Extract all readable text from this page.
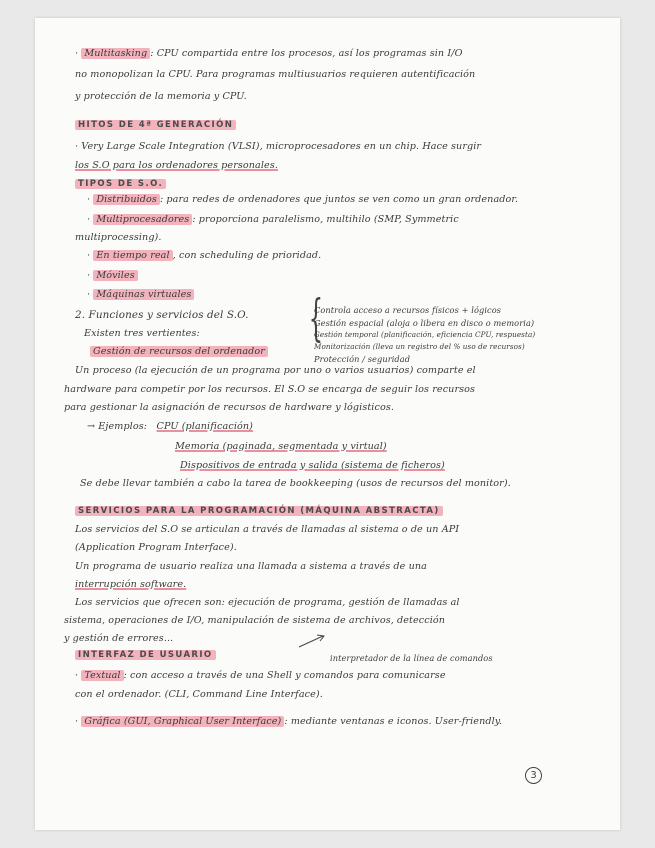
· Multitasking : CPU compartida entre los procesos, así los programas sin I/O
no monopolizan la CPU. Para programas multiusuarios requieren autentificación
y protección de la memoria y CPU.
HITOS DE 4ª GENERACIÓN
· Very Large Scale Integration (VLSI), microprocesadores en un chip. Hace surgir
los S.O para los ordenadores personales.
TIPOS DE S.O.
· Distribuidos : para redes de ordenadores que juntos se ven como un gran ordenador.
· Multiprocesadores : proporciona paralelismo, multihilo (SMP, Symmetric
multiprocessing).
· En tiempo real , con scheduling de prioridad.
· Móviles
· Máquinas virtuales
2. Funciones y servicios del S.O.
Existen tres vertientes:
Gestión de recursos del ordenador
{
Controla acceso a recursos físicos + lógicos
Gestión espacial (aloja o libera en disco o memoria)
Gestión temporal (planificación, eficiencia CPU, respuesta)
Monitorización (lleva un registro del % uso de recursos)
Protección / seguridad
Un proceso (la ejecución de un programa por uno o varios usuarios) comparte el
hardware para competir por los recursos. El S.O se encarga de seguir los recursos
para gestionar la asignación de recursos de hardware y lógisticos.
→ Ejemplos: CPU (planificación)
Memoria (paginada, segmentada y virtual)
Dispositivos de entrada y salida (sistema de ficheros)
Se debe llevar también a cabo la tarea de bookkeeping (usos de recursos del monitor).
SERVICIOS PARA LA PROGRAMACIÓN (MÁQUINA ABSTRACTA)
Los servicios del S.O se articulan a través de llamadas al sistema o de un API
(Application Program Interface).
Un programa de usuario realiza una llamada a sistema a través de una
interrupción software.
Los servicios que ofrecen son: ejecución de programa, gestión de llamadas al
sistema, operaciones de I/O, manipulación de sistema de archivos, detección
y gestión de errores...
INTERFAZ DE USUARIO	interpretador de la línea de comandos
· Textual : con acceso a través de una Shell y comandos para comunicarse
con el ordenador. (CLI, Command Line Interface).
· Gráfica (GUI, Graphical User Interface) : mediante ventanas e iconos. User-friendly.
3
